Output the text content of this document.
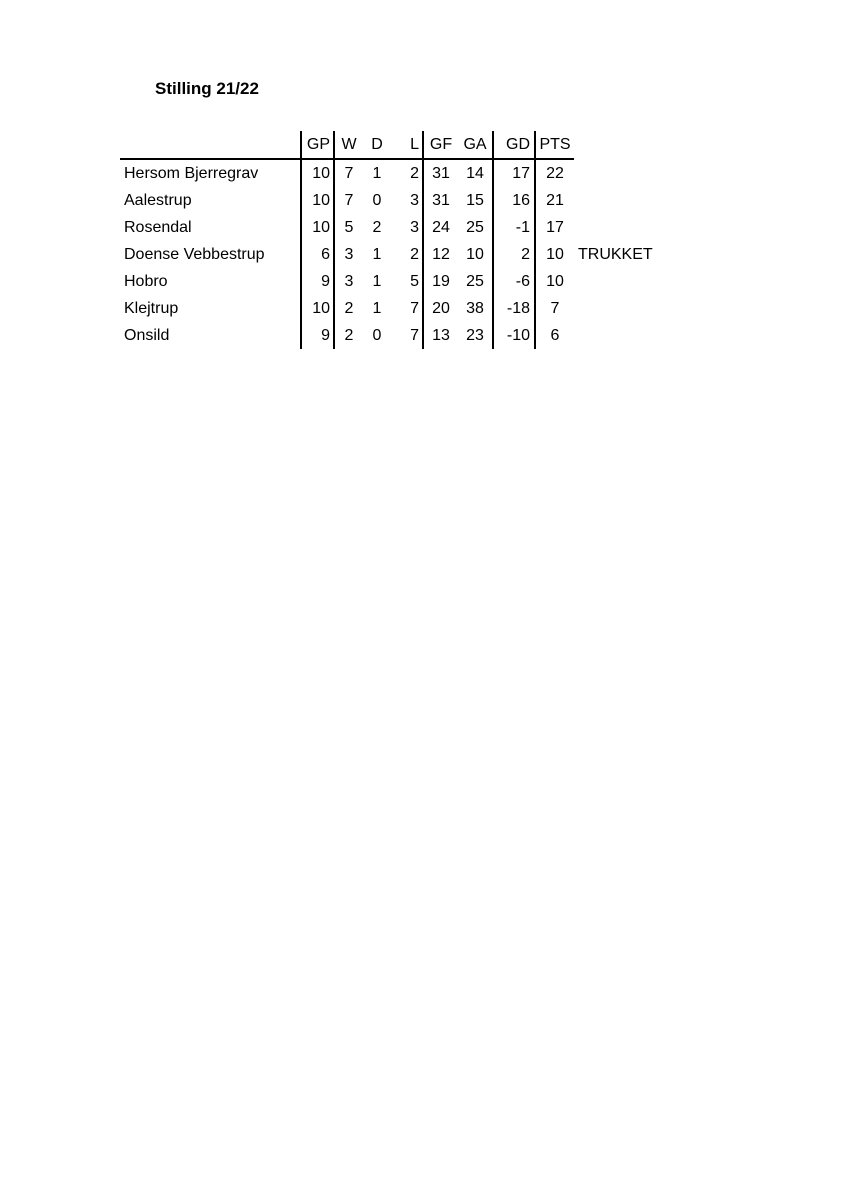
Stilling 21/22
	GP	W	D	L	GF	GA	GD	PTS	
Hersom Bjerregrav	10	7	1	2	31	14	17	22	
Aalestrup	10	7	0	3	31	15	16	21	
Rosendal	10	5	2	3	24	25	-1	17	
Doense Vebbestrup	6	3	1	2	12	10	2	10	TRUKKET
Hobro	9	3	1	5	19	25	-6	10	
Klejtrup	10	2	1	7	20	38	-18	7	
Onsild	9	2	0	7	13	23	-10	6	
